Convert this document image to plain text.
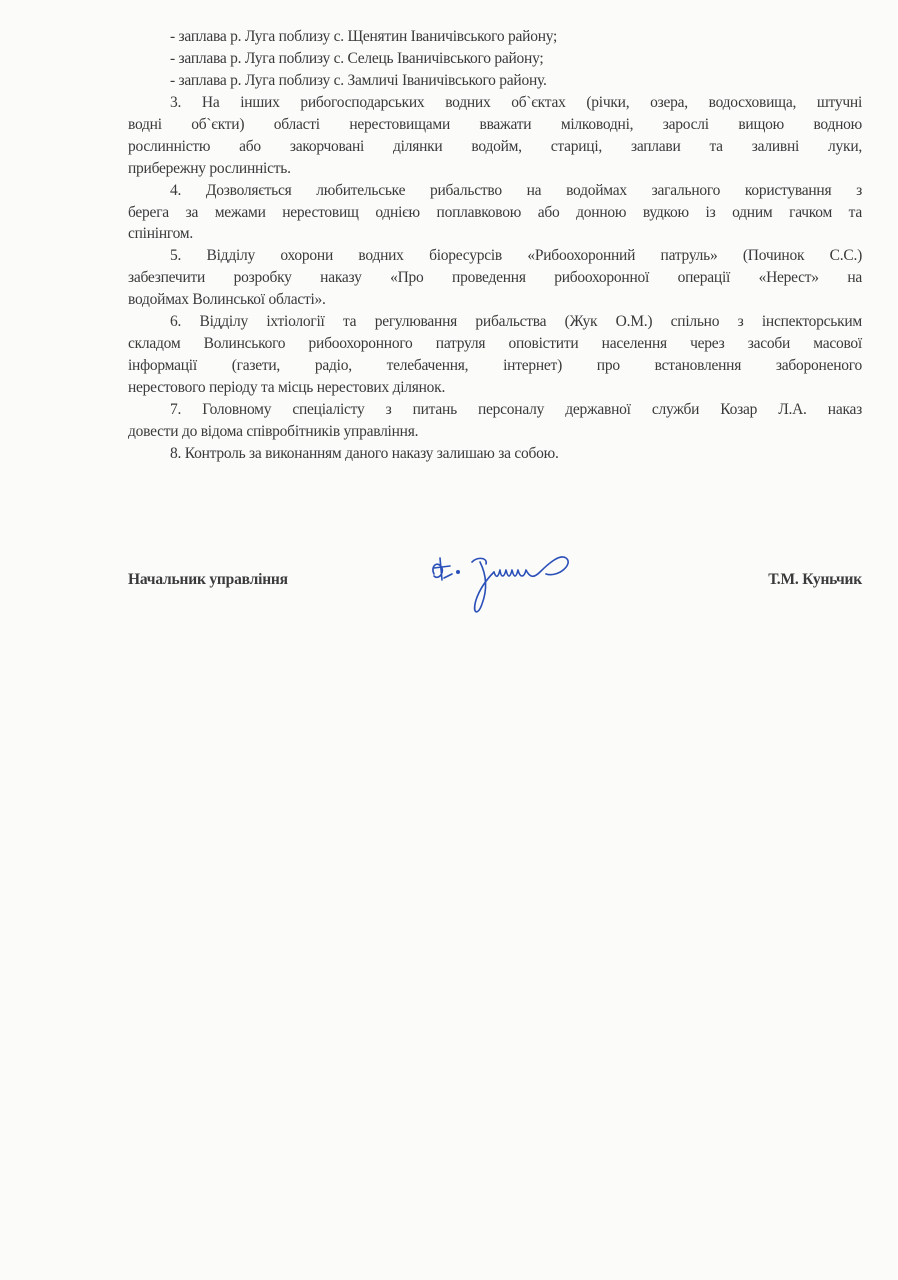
- заплава р. Луга поблизу с. Щенятин Іваничівського району;
- заплава р. Луга поблизу с. Селець Іваничівського району;
- заплава р. Луга поблизу с. Замличі Іваничівського району.
3. На інших рибогосподарських водних об`єктах (річки, озера, водосховища, штучні
водні об`єкти) області нерестовищами вважати мілководні, зарослі вищою водною
рослинністю або закорчовані ділянки водойм, стариці, заплави та заливні луки,
прибережну рослинність.
4. Дозволяється любительське рибальство на водоймах загального користування з
берега за межами нерестовищ однією поплавковою або донною вудкою із одним гачком та
спінінгом.
5. Відділу охорони водних біоресурсів «Рибоохоронний патруль» (Починок С.С.)
забезпечити розробку наказу «Про проведення рибоохоронної операції «Нерест» на
водоймах Волинської області».
6. Відділу іхтіології та регулювання рибальства (Жук О.М.) спільно з інспекторським
складом Волинського рибоохоронного патруля оповістити населення через засоби масової
інформації (газети, радіо, телебачення, інтернет) про встановлення забороненого
нерестового періоду та місць нерестових ділянок.
7. Головному спеціалісту з питань персоналу державної служби Козар Л.А. наказ
довести до відома співробітників управління.
8. Контроль за виконанням даного наказу залишаю за собою.
Начальник управління	Т.М. Куньчик
